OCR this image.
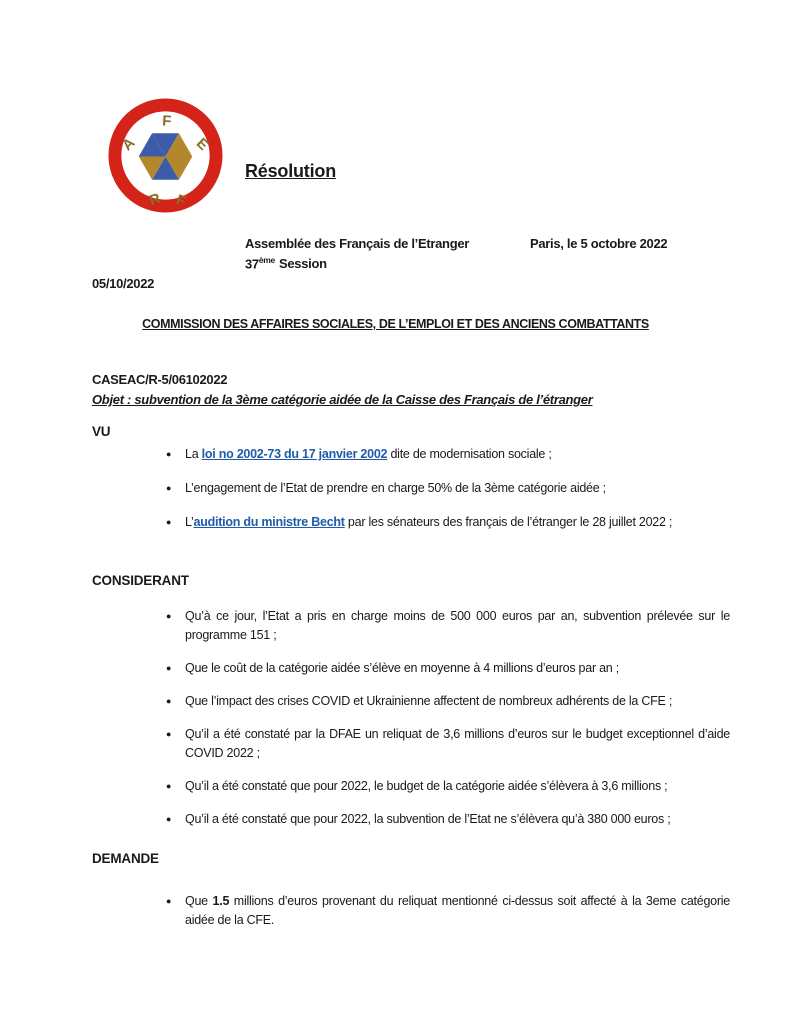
A
F
E
R F
Résolution
Assemblée des Français de l’Etranger	Paris, le 5 octobre 2022
37ème Session
05/10/2022
COMMISSION DES AFFAIRES SOCIALES, DE L’EMPLOI ET DES ANCIENS COMBATTANTS
CASEAC/R-5/06102022
Objet : subvention de la 3ème catégorie aidée de la Caisse des Français de l’étranger
VU
● La loi no 2002-73 du 17 janvier 2002 dite de modernisation sociale ;
● L’engagement de l’Etat de prendre en charge 50% de la 3ème catégorie aidée ;
● L’audition du ministre Becht par les sénateurs des français de l’étranger le 28 juillet 2022 ;
CONSIDERANT
● Qu’à ce jour, l’Etat a pris en charge moins de 500 000 euros par an, subvention prélevée sur le programme 151 ;
● Que le coût de la catégorie aidée s’élève en moyenne à 4 millions d’euros par an ;
● Que l’impact des crises COVID et Ukrainienne affectent de nombreux adhérents de la CFE ;
● Qu’il a été constaté par la DFAE un reliquat de 3,6 millions d’euros sur le budget exceptionnel d’aide COVID 2022 ;
● Qu’il a été constaté que pour 2022, le budget de la catégorie aidée s’élèvera à 3,6 millions ;
● Qu’il a été constaté que pour 2022, la subvention de l’Etat ne s’élèvera qu’à 380 000 euros ;
DEMANDE
● Que 1.5 millions d’euros provenant du reliquat mentionné ci-dessus soit affecté à la 3eme catégorie aidée de la CFE.
